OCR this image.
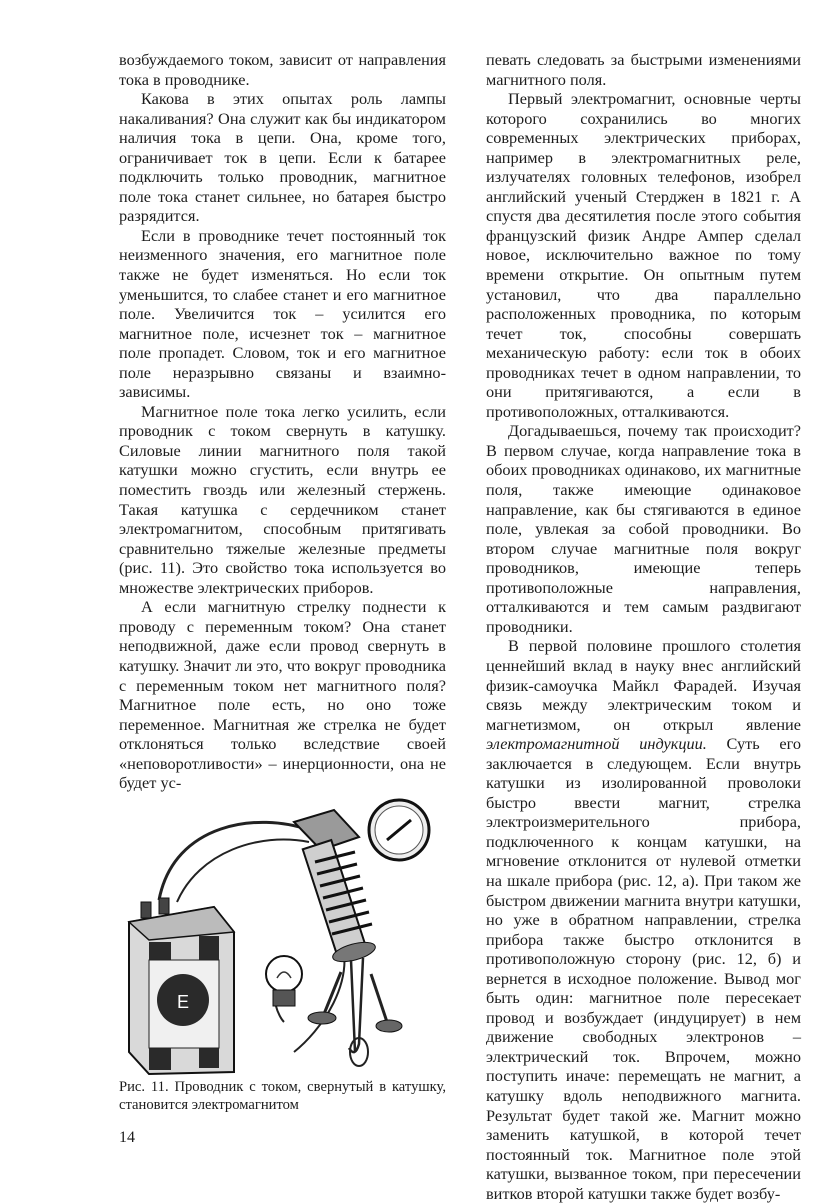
возбуждаемого током, зависит от направления тока в проводнике.

Какова в этих опытах роль лампы накаливания? Она служит как бы индикатором наличия тока в цепи. Она, кроме того, ограничивает ток в цепи. Если к батарее подключить только проводник, магнитное поле тока станет сильнее, но батарея быстро разрядится.

Если в проводнике течет постоянный ток неизменного значения, его магнитное поле также не будет изменяться. Но если ток уменьшится, то слабее станет и его магнитное поле. Увеличится ток – усилится его магнитное поле, исчезнет ток – магнитное поле пропадет. Словом, ток и его магнитное поле неразрывно связаны и взаимно-зависимы.

Магнитное поле тока легко усилить, если проводник с током свернуть в катушку. Силовые линии магнитного поля такой катушки можно сгустить, если внутрь ее поместить гвоздь или железный стержень. Такая катушка с сердечником станет электромагнитом, способным притягивать сравнительно тяжелые железные предметы (рис. 11). Это свойство тока используется во множестве электрических приборов.

А если магнитную стрелку поднести к проводу с переменным током? Она станет неподвижной, даже если провод свернуть в катушку. Значит ли это, что вокруг проводника с переменным током нет магнитного поля? Магнитное поле есть, но оно тоже переменное. Магнитная же стрелка не будет отклоняться только вследствие своей «неповоротливости» – инерционности, она не будет ус-

E
Рис. 11. Проводник с током, свернутый в катушку, становится электромагнитом
14

певать следовать за быстрыми изменениями магнитного поля.

Первый электромагнит, основные черты которого сохранились во многих современных электрических приборах, например в электромагнитных реле, излучателях головных телефонов, изобрел английский ученый Стерджен в 1821 г. А спустя два десятилетия после этого события французский физик Андре Ампер сделал новое, исключительно важное по тому времени открытие. Он опытным путем установил, что два параллельно расположенных проводника, по которым течет ток, способны совершать механическую работу: если ток в обоих проводниках течет в одном направлении, то они притягиваются, а если в противоположных, отталкиваются.

Догадываешься, почему так происходит? В первом случае, когда направление тока в обоих проводниках одинаково, их магнитные поля, также имеющие одинаковое направление, как бы стягиваются в единое поле, увлекая за собой проводники. Во втором случае магнитные поля вокруг проводников, имеющие теперь противоположные направления, отталкиваются и тем самым раздвигают проводники.

В первой половине прошлого столетия ценнейший вклад в науку внес английский физик-самоучка Майкл Фарадей. Изучая связь между электрическим током и магнетизмом, он открыл явление электромагнитной индукции. Суть его заключается в следующем. Если внутрь катушки из изолированной проволоки быстро ввести магнит, стрелка электроизмерительного прибора, подключенного к концам катушки, на мгновение отклонится от нулевой отметки на шкале прибора (рис. 12, а). При таком же быстром движении магнита внутри катушки, но уже в обратном направлении, стрелка прибора также быстро отклонится в противоположную сторону (рис. 12, б) и вернется в исходное положение. Вывод мог быть один: магнитное поле пересекает провод и возбуждает (индуцирует) в нем движение свободных электронов – электрический ток. Впрочем, можно поступить иначе: перемещать не магнит, а катушку вдоль неподвижного магнита. Результат будет такой же. Магнит можно заменить катушкой, в которой течет постоянный ток. Магнитное поле этой катушки, вызванное током, при пересечении витков второй катушки также будет возбу-
